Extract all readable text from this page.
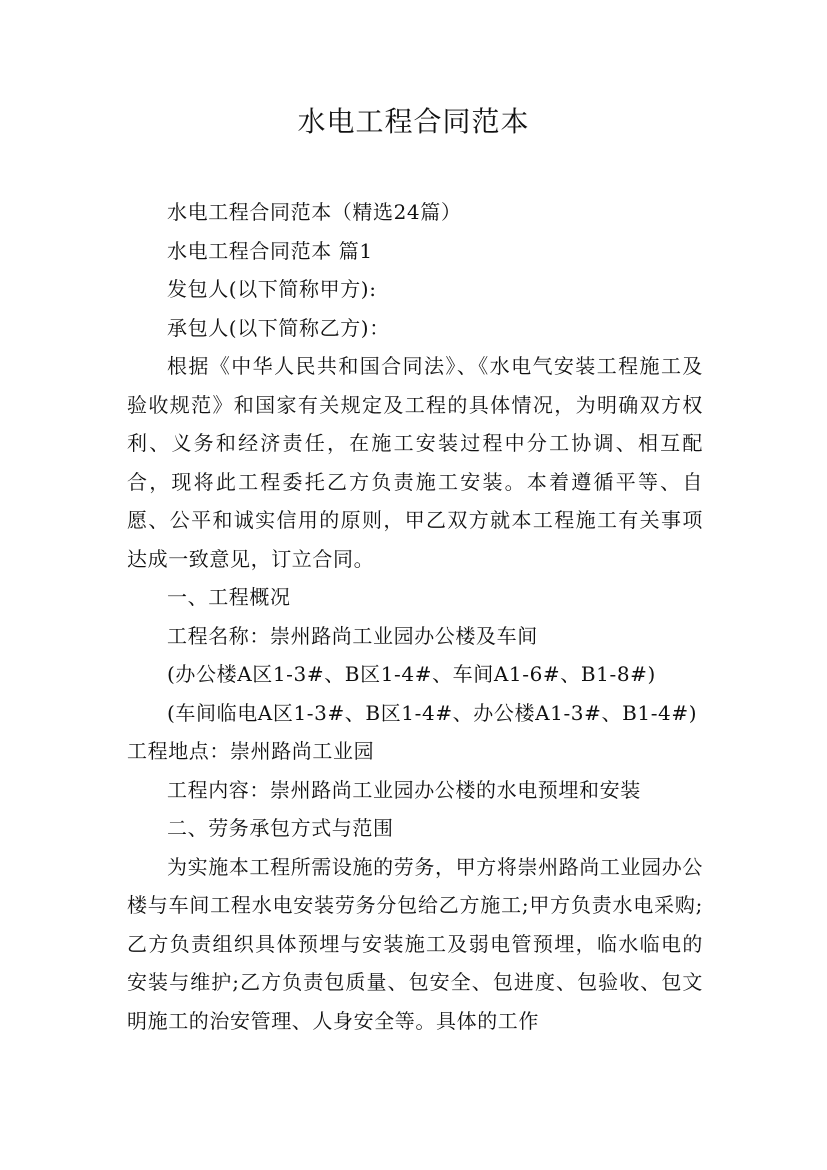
水电工程合同范本

水电工程合同范本（精选24篇）

水电工程合同范本 篇1

发包人(以下简称甲方):

承包人(以下简称乙方)：

根据《中华人民共和国合同法》、《水电气安装工程施工及验收规范》和国家有关规定及工程的具体情况，为明确双方权利、义务和经济责任，在施工安装过程中分工协调、相互配合，现将此工程委托乙方负责施工安装。本着遵循平等、自愿、公平和诚实信用的原则，甲乙双方就本工程施工有关事项达成一致意见，订立合同。

一、工程概况

工程名称：崇州路尚工业园办公楼及车间

(办公楼A区1-3#、B区1-4#、车间A1-6#、B1-8#)

(车间临电A区1-3#、B区1-4#、办公楼A1-3#、B1-4#)

工程地点：崇州路尚工业园

工程内容：崇州路尚工业园办公楼的水电预埋和安装

二、劳务承包方式与范围

为实施本工程所需设施的劳务，甲方将崇州路尚工业园办公楼与车间工程水电安装劳务分包给乙方施工;甲方负责水电采购;乙方负责组织具体预埋与安装施工及弱电管预埋，临水临电的安装与维护;乙方负责包质量、包安全、包进度、包验收、包文明施工的治安管理、人身安全等。具体的工作
